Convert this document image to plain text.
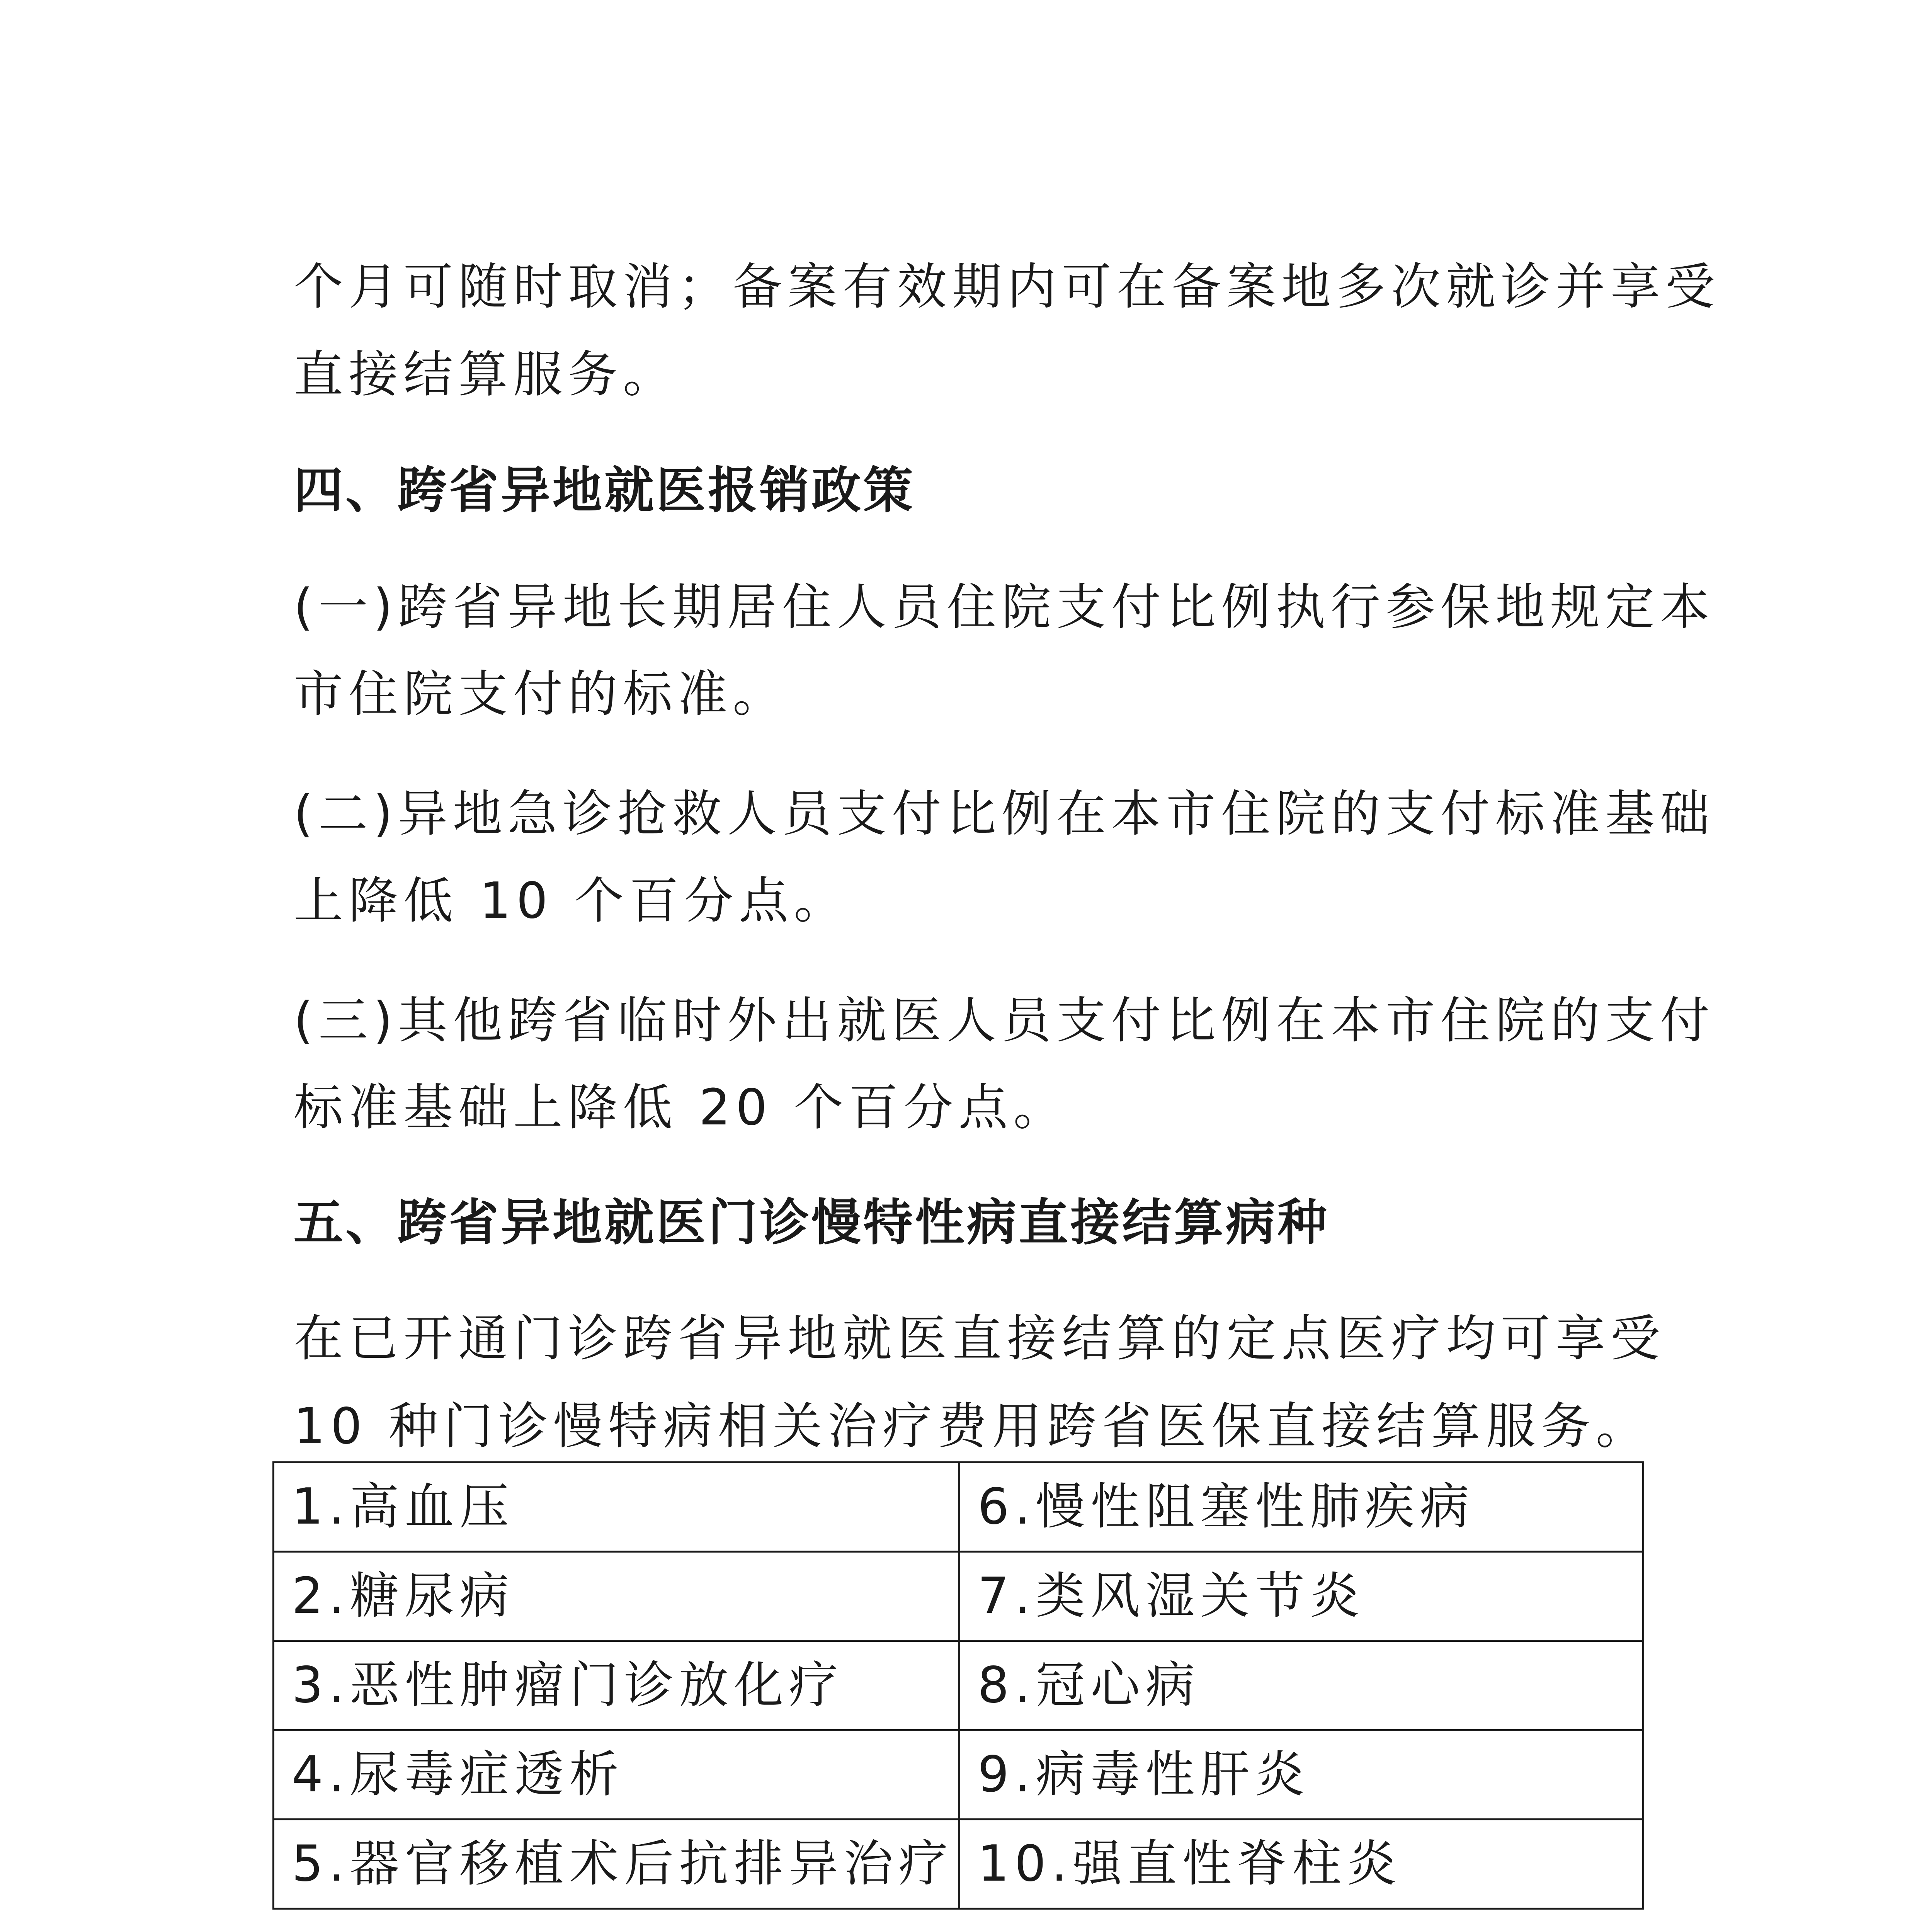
个月可随时取消；备案有效期内可在备案地多次就诊并享受

直接结算服务。

四、跨省异地就医报销政策

(一)跨省异地长期居住人员住院支付比例执行参保地规定本

市住院支付的标准。

(二)异地急诊抢救人员支付比例在本市住院的支付标准基础

上降低 10 个百分点。

(三)其他跨省临时外出就医人员支付比例在本市住院的支付

标准基础上降低 20 个百分点。

五、跨省异地就医门诊慢特性病直接结算病种

在已开通门诊跨省异地就医直接结算的定点医疗均可享受

10 种门诊慢特病相关治疗费用跨省医保直接结算服务。

1.高血压	6.慢性阻塞性肺疾病
2.糖尿病	7.类风湿关节炎
3.恶性肿瘤门诊放化疗	8.冠心病
4.尿毒症透析	9.病毒性肝炎
5.器官移植术后抗排异治疗	10.强直性脊柱炎
